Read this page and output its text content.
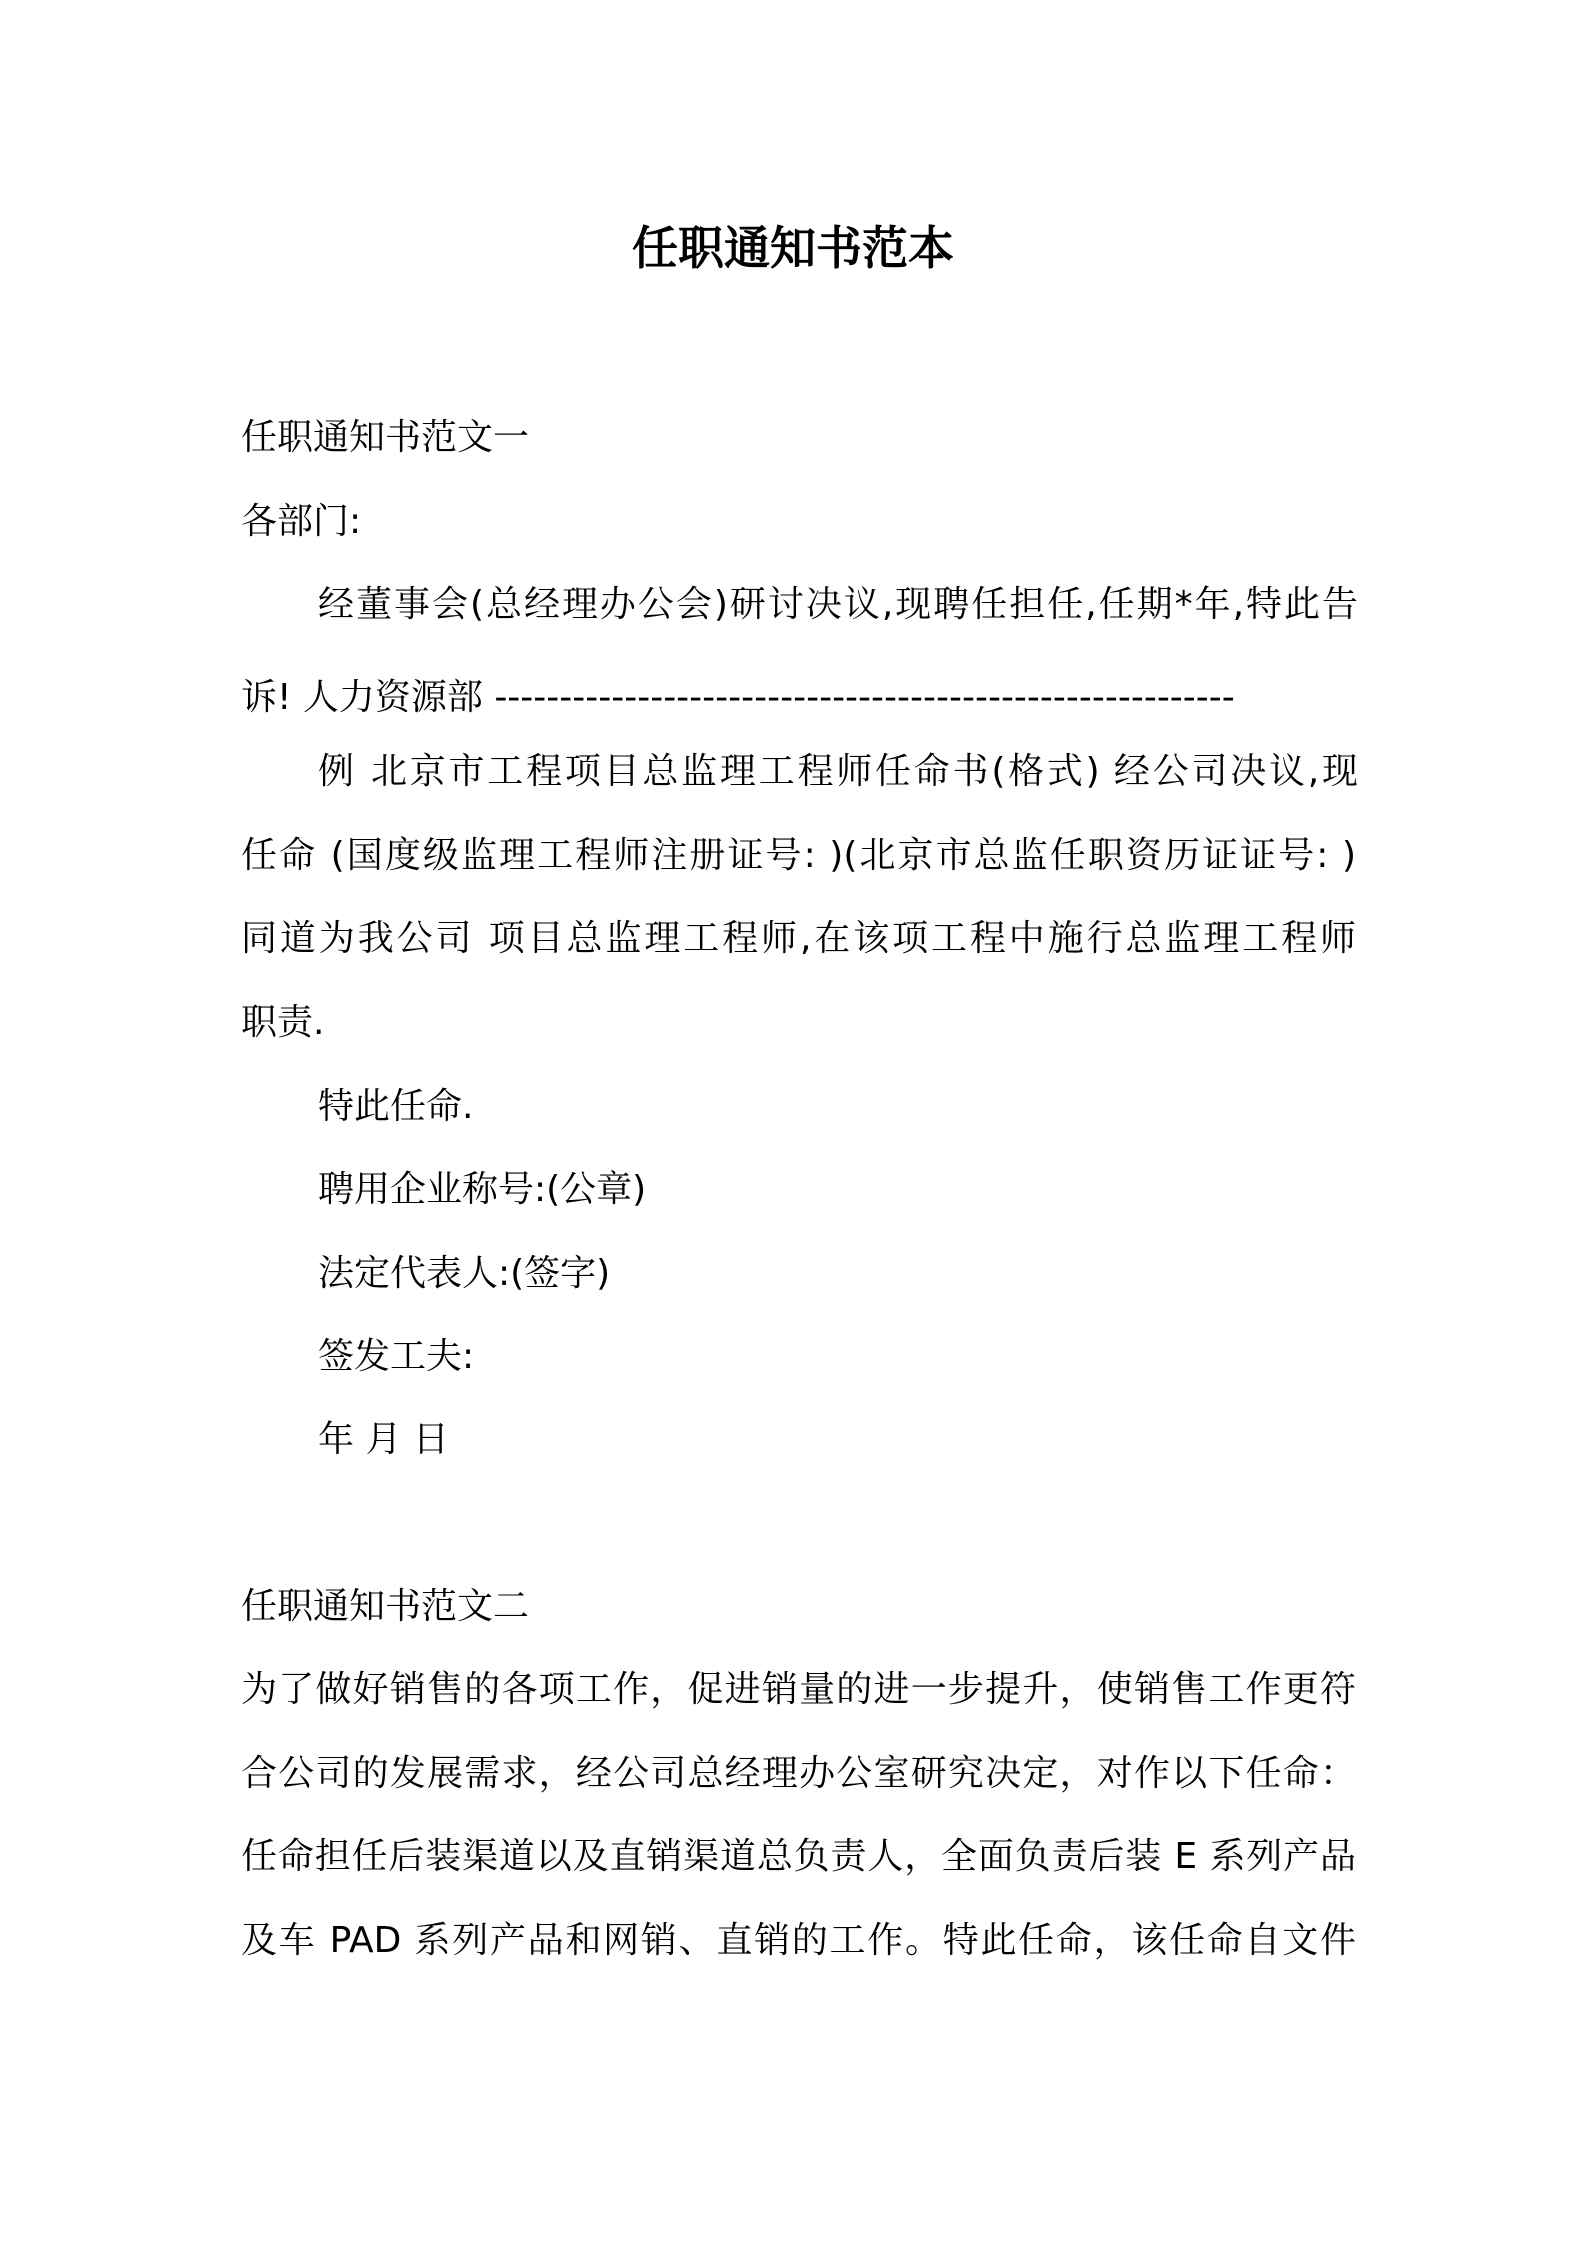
任职通知书范本
任职通知书范文一
各部门:
经董事会(总经理办公会)研讨决议,现聘任担任,任期*年,特此告
诉! 人力资源部 ---------------------------------------------------------
例 北京市工程项目总监理工程师任命书(格式) 经公司决议,现
任命 (国度级监理工程师注册证号: )(北京市总监任职资历证证号: )
同道为我公司 项目总监理工程师,在该项工程中施行总监理工程师
职责.
特此任命.
聘用企业称号:(公章)
法定代表人:(签字)
签发工夫:
年 月 日
任职通知书范文二
为了做好销售的各项工作，促进销量的进一步提升，使销售工作更符
合公司的发展需求，经公司总经理办公室研究决定，对作以下任命：
任命担任后装渠道以及直销渠道总负责人，全面负责后装 E 系列产品
及车 PAD 系列产品和网销、直销的工作。特此任命，该任命自文件
